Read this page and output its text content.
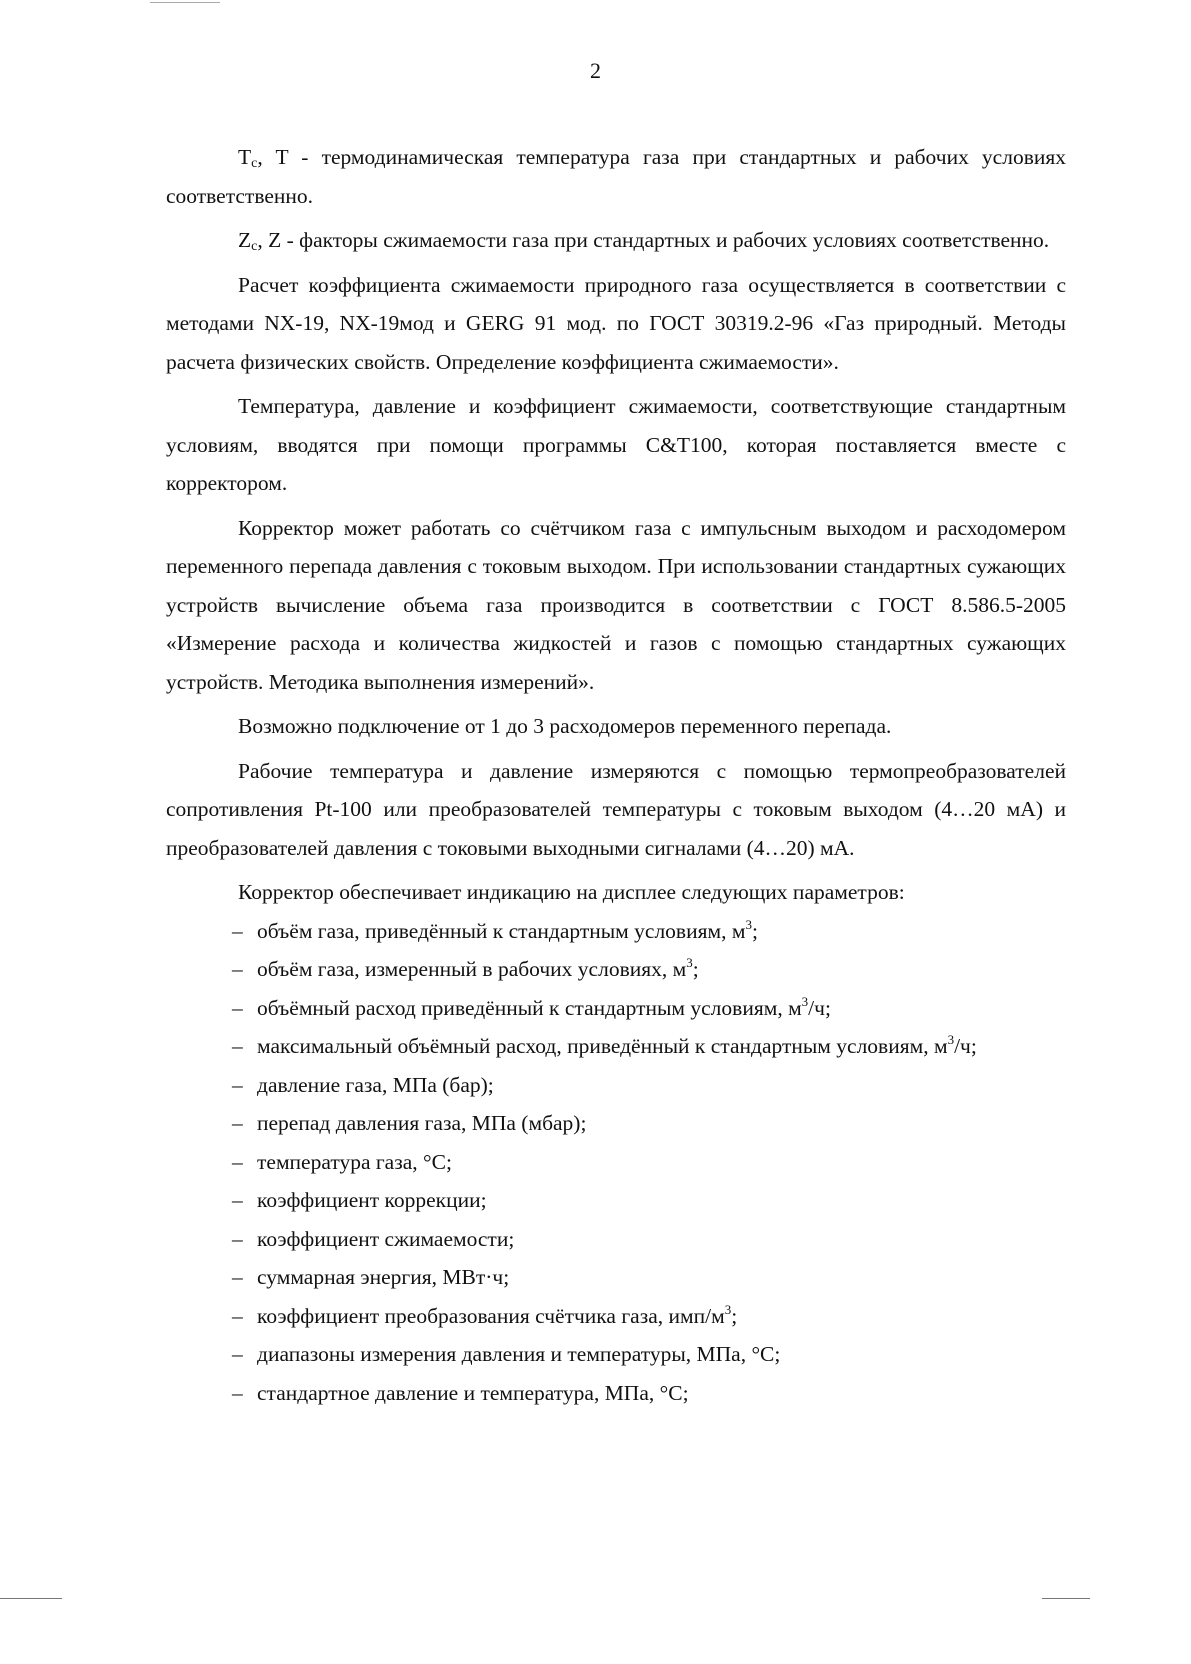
2

$T_c$, T - термодинамическая температура газа при стандартных и рабочих условиях соответственно.

$Z_c$, Z - факторы сжимаемости газа при стандартных и рабочих условиях соответственно.

Расчет коэффициента сжимаемости природного газа осуществляется в соответствии с методами NX-19, NX-19мод и GERG 91 мод. по ГОСТ 30319.2-96 «Газ природный. Методы расчета физических свойств. Определение коэффициента сжимаемости».

Температура, давление и коэффициент сжимаемости, соответствующие стандартным условиям, вводятся при помощи программы C&T100, которая поставляется вместе с корректором.

Корректор может работать со счётчиком газа с импульсным выходом и расходомером переменного перепада давления с токовым выходом. При использовании стандартных сужающих устройств вычисление объема газа производится в соответствии с ГОСТ 8.586.5-2005 «Измерение расхода и количества жидкостей и газов с помощью стандартных сужающих устройств. Методика выполнения измерений».

Возможно подключение от 1 до 3 расходомеров переменного перепада.

Рабочие температура и давление измеряются с помощью термопреобразователей сопротивления Pt-100 или преобразователей температуры с токовым выходом (4…20 мА) и преобразователей давления с токовыми выходными сигналами (4…20) мА.

Корректор обеспечивает индикацию на дисплее следующих параметров:

– объём газа, приведённый к стандартным условиям, $м^3$;
– объём газа, измеренный в рабочих условиях, $м^3$;
– объёмный расход приведённый к стандартным условиям, $м^3/ч$;
– максимальный объёмный расход, приведённый к стандартным условиям, $м^3/ч$;
– давление газа, МПа (бар);
– перепад давления газа, МПа (мбар);
– температура газа, °С;
– коэффициент коррекции;
– коэффициент сжимаемости;
– суммарная энергия, МВт·ч;
– коэффициент преобразования счётчика газа, имп/$м^3$;
– диапазоны измерения давления и температуры, МПа, °С;
– стандартное давление и температура, МПа, °С;
